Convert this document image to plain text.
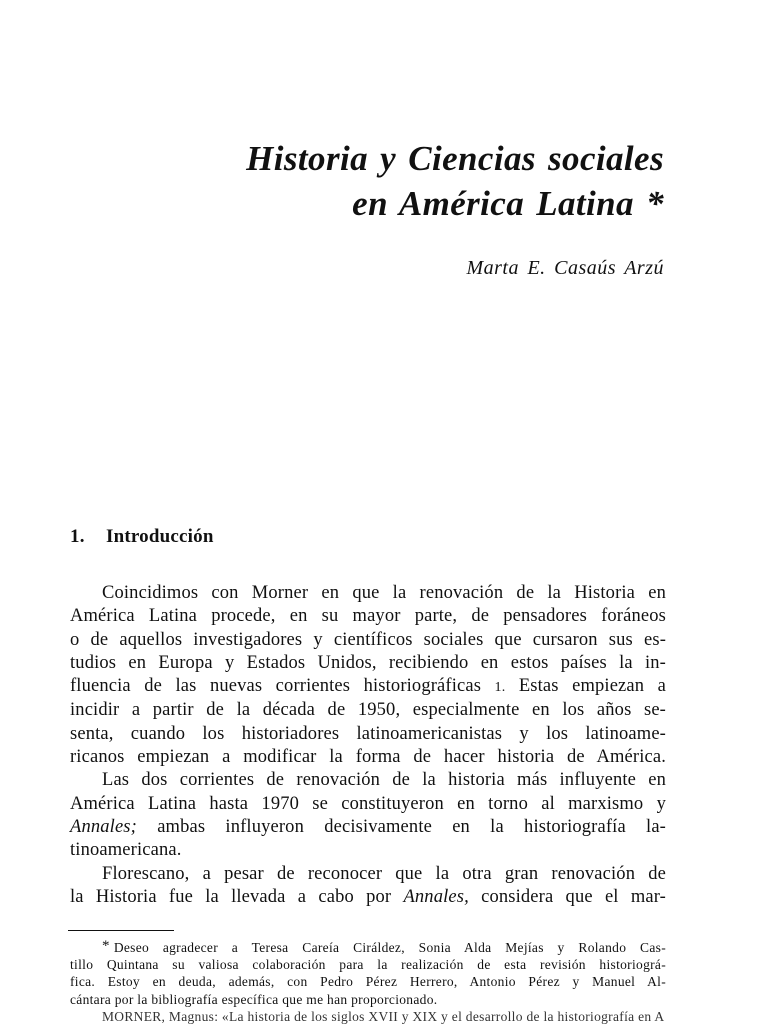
Historia y Ciencias sociales
en América Latina *
Marta E. Casaús Arzú
1. Introducción
Coincidimos con Morner en que la renovación de la Historia en
América Latina procede, en su mayor parte, de pensadores foráneos
o de aquellos investigadores y científicos sociales que cursaron sus es-
tudios en Europa y Estados Unidos, recibiendo en estos países la in-
fluencia de las nuevas corrientes historiográficas 1. Estas empiezan a
incidir a partir de la década de 1950, especialmente en los años se-
senta, cuando los historiadores latinoamericanistas y los latinoame-
ricanos empiezan a modificar la forma de hacer historia de América.
Las dos corrientes de renovación de la historia más influyente en
América Latina hasta 1970 se constituyeron en torno al marxismo y
Annales; ambas influyeron decisivamente en la historiografía la-
tinoamericana.
Florescano, a pesar de reconocer que la otra gran renovación de
la Historia fue la llevada a cabo por Annales, considera que el mar-
* Deseo agradecer a Teresa Careía Ciráldez, Sonia Alda Mejías y Rolando Cas-
tillo Quintana su valiosa colaboración para la realización de esta revisión historiográ-
fica. Estoy en deuda, además, con Pedro Pérez Herrero, Antonio Pérez y Manuel Al-
cántara por la bibliografía específica que me han proporcionado.
MORNER, Magnus: «La historia de los siglos XVII y XIX y el desarrollo de la historiografía en A
